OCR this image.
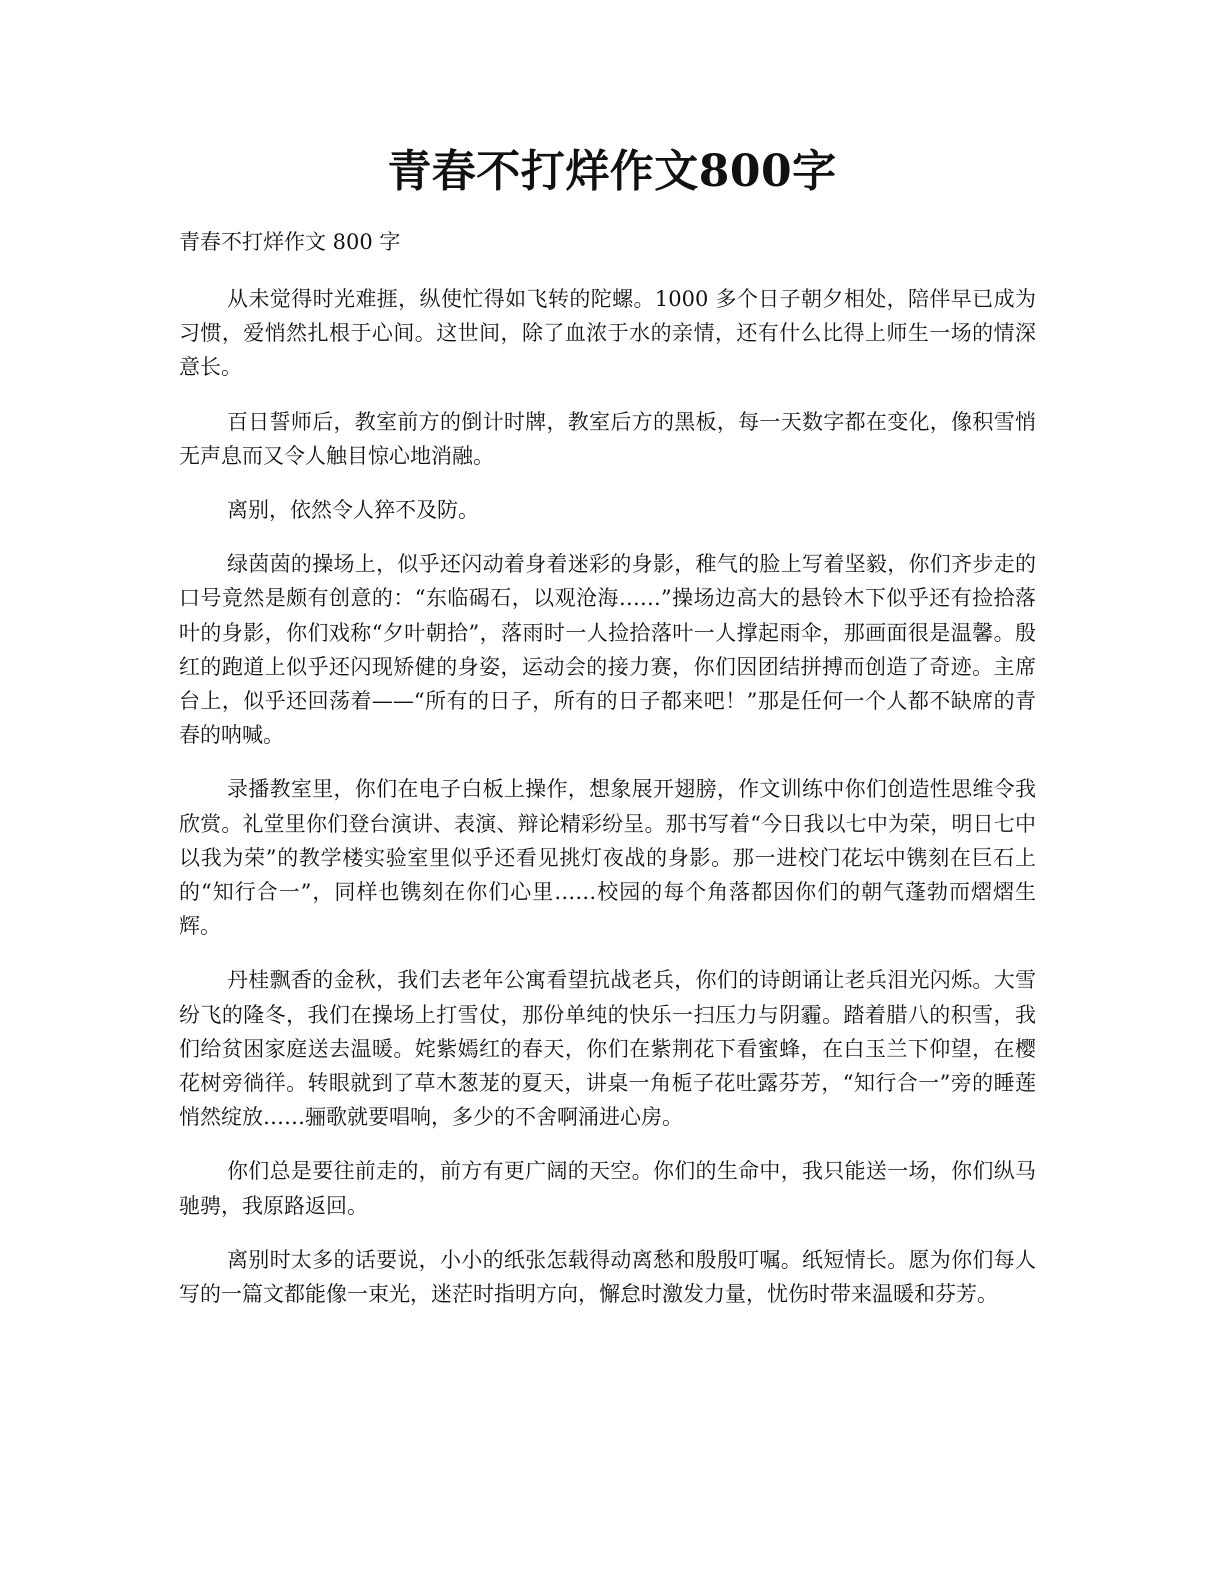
青春不打烊作文800字

青春不打烊作文 800 字

从未觉得时光难捱，纵使忙得如飞转的陀螺。1000 多个日子朝夕相处，陪伴早已成为习惯，爱悄然扎根于心间。这世间，除了血浓于水的亲情，还有什么比得上师生一场的情深意长。

百日誓师后，教室前方的倒计时牌，教室后方的黑板，每一天数字都在变化，像积雪悄无声息而又令人触目惊心地消融。

离别，依然令人猝不及防。

绿茵茵的操场上，似乎还闪动着身着迷彩的身影，稚气的脸上写着坚毅，你们齐步走的口号竟然是颇有创意的：“东临碣石，以观沧海……”操场边高大的悬铃木下似乎还有捡拾落叶的身影，你们戏称“夕叶朝拾”，落雨时一人捡拾落叶一人撑起雨伞，那画面很是温馨。殷红的跑道上似乎还闪现矫健的身姿，运动会的接力赛，你们因团结拼搏而创造了奇迹。主席台上，似乎还回荡着——“所有的日子，所有的日子都来吧！”那是任何一个人都不缺席的青春的呐喊。

录播教室里，你们在电子白板上操作，想象展开翅膀，作文训练中你们创造性思维令我欣赏。礼堂里你们登台演讲、表演、辩论精彩纷呈。那书写着“今日我以七中为荣，明日七中以我为荣”的教学楼实验室里似乎还看见挑灯夜战的身影。那一进校门花坛中镌刻在巨石上的“知行合一”，同样也镌刻在你们心里……校园的每个角落都因你们的朝气蓬勃而熠熠生辉。

丹桂飘香的金秋，我们去老年公寓看望抗战老兵，你们的诗朗诵让老兵泪光闪烁。大雪纷飞的隆冬，我们在操场上打雪仗，那份单纯的快乐一扫压力与阴霾。踏着腊八的积雪，我们给贫困家庭送去温暖。姹紫嫣红的春天，你们在紫荆花下看蜜蜂，在白玉兰下仰望，在樱花树旁徜徉。转眼就到了草木葱茏的夏天，讲桌一角栀子花吐露芬芳，“知行合一”旁的睡莲悄然绽放……骊歌就要唱响，多少的不舍啊涌进心房。

你们总是要往前走的，前方有更广阔的天空。你们的生命中，我只能送一场，你们纵马驰骋，我原路返回。

离别时太多的话要说，小小的纸张怎载得动离愁和殷殷叮嘱。纸短情长。愿为你们每人写的一篇文都能像一束光，迷茫时指明方向，懈怠时激发力量，忧伤时带来温暖和芬芳。
